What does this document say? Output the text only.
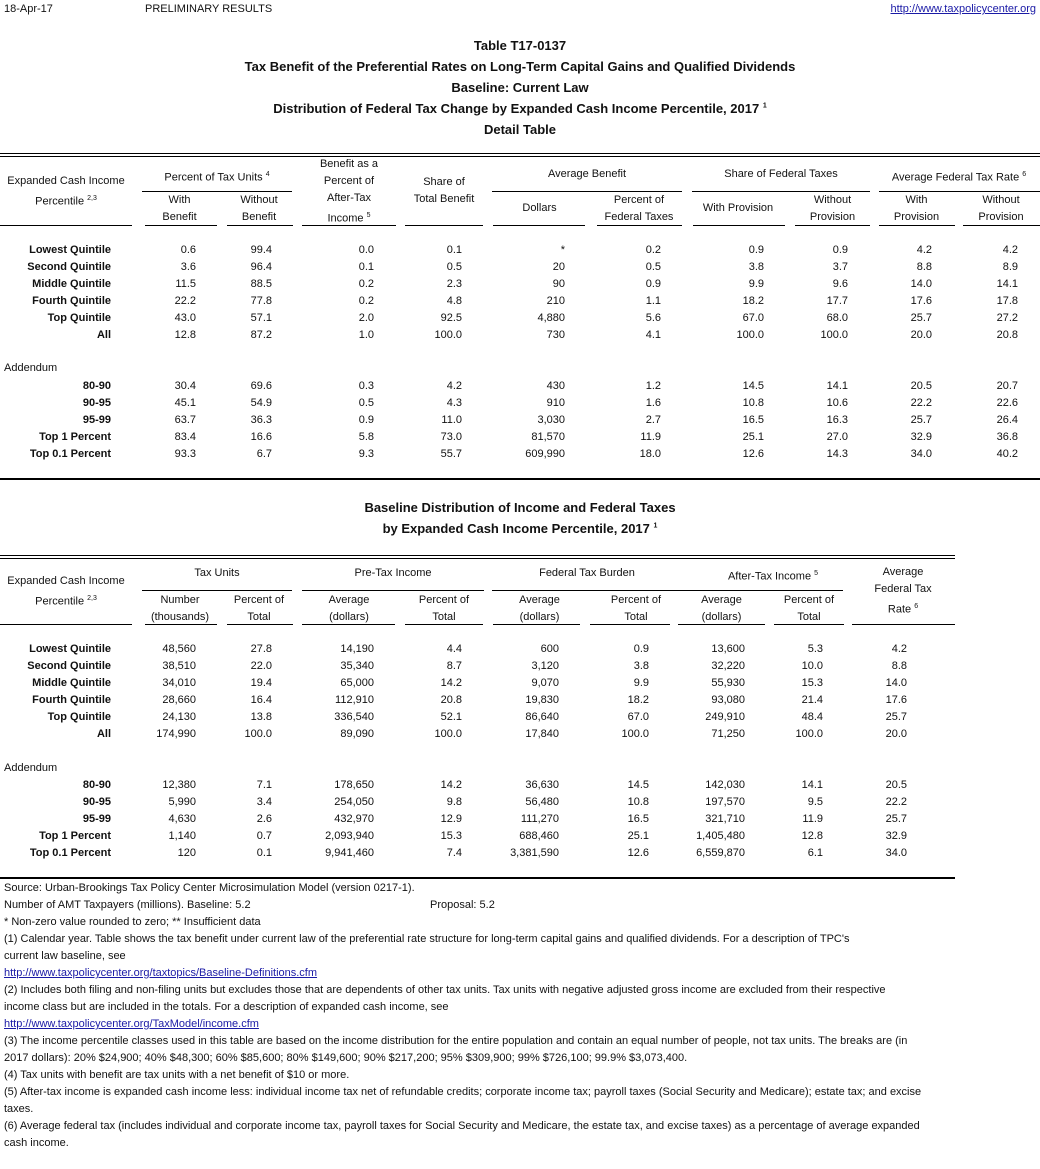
18-Apr-17	PRELIMINARY RESULTS	http://www.taxpolicycenter.org
Table T17-0137
Tax Benefit of the Preferential Rates on Long-Term Capital Gains and Qualified Dividends
Baseline: Current Law
Distribution of Federal Tax Change by Expanded Cash Income Percentile, 2017 $^1$
Detail Table
Expanded Cash Income
Percentile $^{2,3}$
Percent of Tax Units $^4$
With
Benefit
Without
Benefit
Benefit as a
Percent of
After-Tax
Income $^5$
Share of
Total Benefit
Average Benefit
Dollars
Percent of
Federal Taxes
Share of Federal Taxes
With Provision
Without
Provision
Average Federal Tax Rate $^6$
With
Provision
Without
Provision
Lowest Quintile	0.6	99.4	0.0	0.1	*	0.2	0.9	0.9	4.2	4.2
Second Quintile	3.6	96.4	0.1	0.5	20	0.5	3.8	3.7	8.8	8.9
Middle Quintile	11.5	88.5	0.2	2.3	90	0.9	9.9	9.6	14.0	14.1
Fourth Quintile	22.2	77.8	0.2	4.8	210	1.1	18.2	17.7	17.6	17.8
Top Quintile	43.0	57.1	2.0	92.5	4,880	5.6	67.0	68.0	25.7	27.2
All	12.8	87.2	1.0	100.0	730	4.1	100.0	100.0	20.0	20.8
Addendum
80-90	30.4	69.6	0.3	4.2	430	1.2	14.5	14.1	20.5	20.7
90-95	45.1	54.9	0.5	4.3	910	1.6	10.8	10.6	22.2	22.6
95-99	63.7	36.3	0.9	11.0	3,030	2.7	16.5	16.3	25.7	26.4
Top 1 Percent	83.4	16.6	5.8	73.0	81,570	11.9	25.1	27.0	32.9	36.8
Top 0.1 Percent	93.3	6.7	9.3	55.7	609,990	18.0	12.6	14.3	34.0	40.2
Baseline Distribution of Income and Federal Taxes
by Expanded Cash Income Percentile, 2017 $^1$
Expanded Cash Income
Percentile $^{2,3}$
Tax Units
Number
(thousands)
Percent of
Total
Pre-Tax Income
Average
(dollars)
Percent of
Total
Federal Tax Burden
Average
(dollars)
Percent of
Total
After-Tax Income $^5$
Average
(dollars)
Percent of
Total
Average
Federal Tax
Rate $^6$
Lowest Quintile	48,560	27.8	14,190	4.4	600	0.9	13,600	5.3	4.2
Second Quintile	38,510	22.0	35,340	8.7	3,120	3.8	32,220	10.0	8.8
Middle Quintile	34,010	19.4	65,000	14.2	9,070	9.9	55,930	15.3	14.0
Fourth Quintile	28,660	16.4	112,910	20.8	19,830	18.2	93,080	21.4	17.6
Top Quintile	24,130	13.8	336,540	52.1	86,640	67.0	249,910	48.4	25.7
All	174,990	100.0	89,090	100.0	17,840	100.0	71,250	100.0	20.0
Addendum
80-90	12,380	7.1	178,650	14.2	36,630	14.5	142,030	14.1	20.5
90-95	5,990	3.4	254,050	9.8	56,480	10.8	197,570	9.5	22.2
95-99	4,630	2.6	432,970	12.9	111,270	16.5	321,710	11.9	25.7
Top 1 Percent	1,140	0.7	2,093,940	15.3	688,460	25.1	1,405,480	12.8	32.9
Top 0.1 Percent	120	0.1	9,941,460	7.4	3,381,590	12.6	6,559,870	6.1	34.0
Source: Urban-Brookings Tax Policy Center Microsimulation Model (version 0217-1).
Number of AMT Taxpayers (millions). Baseline: 5.2	Proposal: 5.2
* Non-zero value rounded to zero; ** Insufficient data
(1) Calendar year. Table shows the tax benefit under current law of the preferential rate structure for long-term capital gains and qualified dividends. For a description of TPC's
current law baseline, see
http://www.taxpolicycenter.org/taxtopics/Baseline-Definitions.cfm
(2) Includes both filing and non-filing units but excludes those that are dependents of other tax units. Tax units with negative adjusted gross income are excluded from their respective
income class but are included in the totals. For a description of expanded cash income, see
http://www.taxpolicycenter.org/TaxModel/income.cfm
(3) The income percentile classes used in this table are based on the income distribution for the entire population and contain an equal number of people, not tax units. The breaks are (in
2017 dollars): 20% $24,900; 40% $48,300; 60% $85,600; 80% $149,600; 90% $217,200; 95% $309,900; 99% $726,100; 99.9% $3,073,400.
(4) Tax units with benefit are tax units with a net benefit of $10 or more.
(5) After-tax income is expanded cash income less: individual income tax net of refundable credits; corporate income tax; payroll taxes (Social Security and Medicare); estate tax; and excise
taxes.
(6) Average federal tax (includes individual and corporate income tax, payroll taxes for Social Security and Medicare, the estate tax, and excise taxes) as a percentage of average expanded
cash income.
